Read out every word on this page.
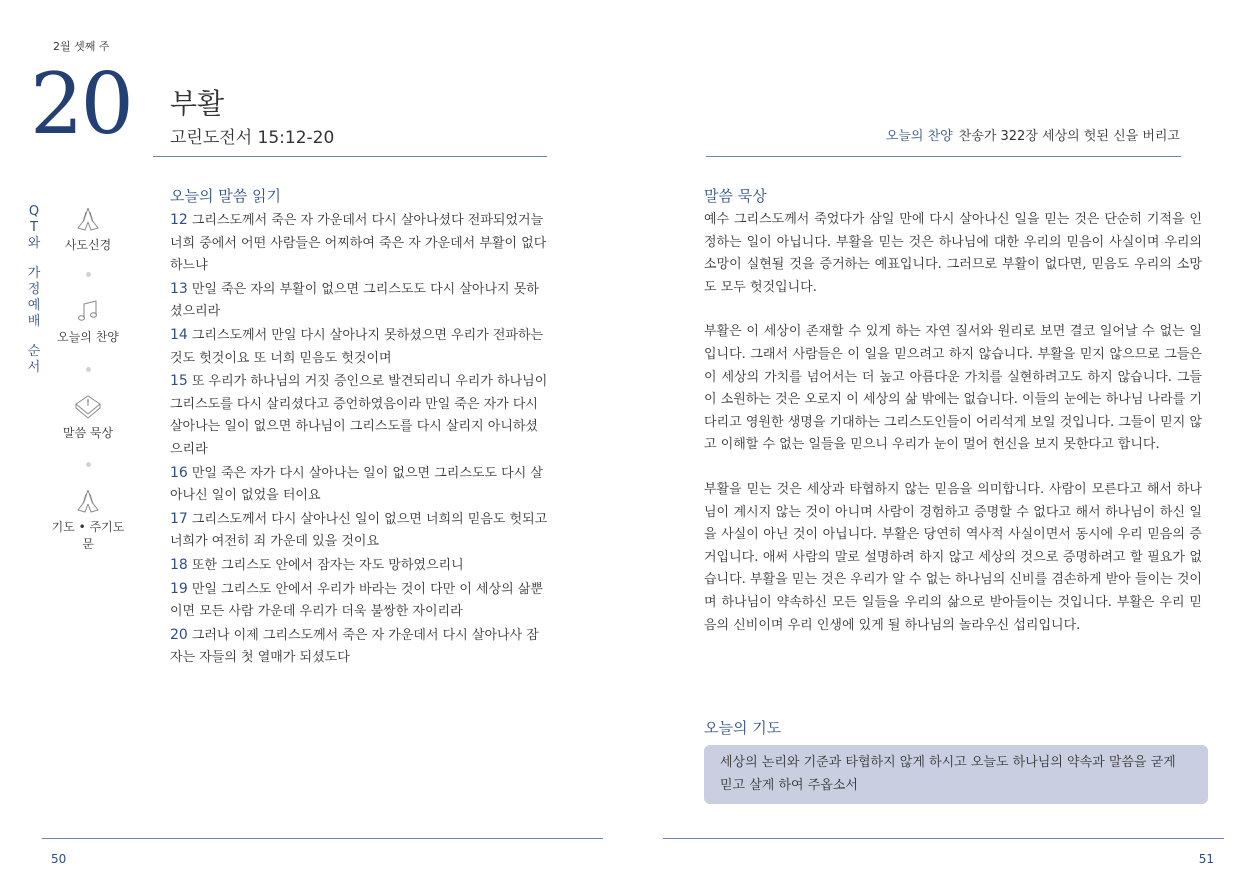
2월 셋째 주
20 부활
고린도전서 15:12-20
Q
T
와
가
정
예
배
순
서
사도신경
오늘의 찬양
말씀 묵상
기도 • 주기도문
오늘의 말씀 읽기
12 그리스도께서 죽은 자 가운데서 다시 살아나셨다 전파되었거늘 너희 중에서 어떤 사람들은 어찌하여 죽은 자 가운데서 부활이 없다 하느냐
13 만일 죽은 자의 부활이 없으면 그리스도도 다시 살아나지 못하셨으리라
14 그리스도께서 만일 다시 살아나지 못하셨으면 우리가 전파하는 것도 헛것이요 또 너희 믿음도 헛것이며
15 또 우리가 하나님의 거짓 증인으로 발견되리니 우리가 하나님이 그리스도를 다시 살리셨다고 증언하였음이라 만일 죽은 자가 다시 살아나는 일이 없으면 하나님이 그리스도를 다시 살리지 아니하셨으리라
16 만일 죽은 자가 다시 살아나는 일이 없으면 그리스도도 다시 살아나신 일이 없었을 터이요
17 그리스도께서 다시 살아나신 일이 없으면 너희의 믿음도 헛되고 너희가 여전히 죄 가운데 있을 것이요
18 또한 그리스도 안에서 잠자는 자도 망하였으리니
19 만일 그리스도 안에서 우리가 바라는 것이 다만 이 세상의 삶뿐이면 모든 사람 가운데 우리가 더욱 불쌍한 자이리라
20 그러나 이제 그리스도께서 죽은 자 가운데서 다시 살아나사 잠자는 자들의 첫 열매가 되셨도다
50
오늘의 찬양 찬송가 322장 세상의 헛된 신을 버리고
말씀 묵상

예수 그리스도께서 죽었다가 삼일 만에 다시 살아나신 일을 믿는 것은 단순히 기적을 인정하는 일이 아닙니다. 부활을 믿는 것은 하나님에 대한 우리의 믿음이 사실이며 우리의 소망이 실현될 것을 증거하는 예표입니다. 그러므로 부활이 없다면, 믿음도 우리의 소망도 모두 헛것입니다.

부활은 이 세상이 존재할 수 있게 하는 자연 질서와 원리로 보면 결코 일어날 수 없는 일입니다. 그래서 사람들은 이 일을 믿으려고 하지 않습니다. 부활을 믿지 않으므로 그들은 이 세상의 가치를 넘어서는 더 높고 아름다운 가치를 실현하려고도 하지 않습니다. 그들이 소원하는 것은 오로지 이 세상의 삶 밖에는 없습니다. 이들의 눈에는 하나님 나라를 기다리고 영원한 생명을 기대하는 그리스도인들이 어리석게 보일 것입니다. 그들이 믿지 않고 이해할 수 없는 일들을 믿으니 우리가 눈이 멀어 헌신을 보지 못한다고 합니다.

부활을 믿는 것은 세상과 타협하지 않는 믿음을 의미합니다. 사람이 모른다고 해서 하나님이 계시지 않는 것이 아니며 사람이 경험하고 증명할 수 없다고 해서 하나님이 하신 일을 사실이 아닌 것이 아닙니다. 부활은 당연히 역사적 사실이면서 동시에 우리 믿음의 증거입니다. 애써 사람의 말로 설명하려 하지 않고 세상의 것으로 증명하려고 할 필요가 없습니다. 부활을 믿는 것은 우리가 알 수 없는 하나님의 신비를 겸손하게 받아 들이는 것이며 하나님이 약속하신 모든 일들을 우리의 삶으로 받아들이는 것입니다. 부활은 우리 믿음의 신비이며 우리 인생에 있게 될 하나님의 놀라우신 섭리입니다.

오늘의 기도
세상의 논리와 기준과 타협하지 않게 하시고 오늘도 하나님의 약속과 말씀을 굳게 믿고 살게 하여 주옵소서
51
